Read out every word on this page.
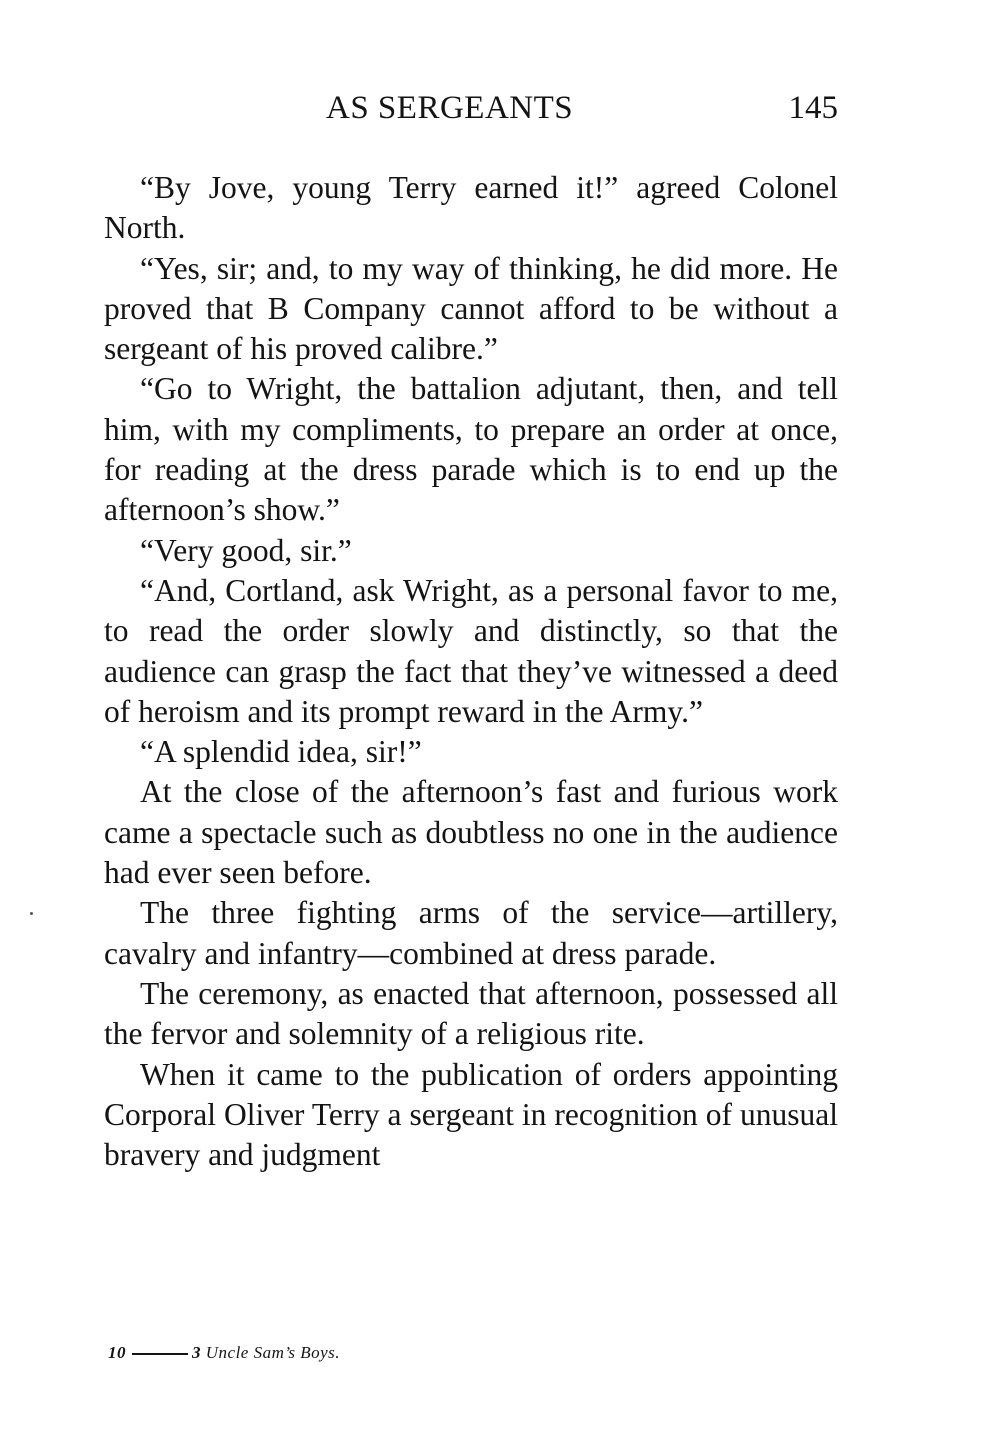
AS SERGEANTS	145

“By Jove, young Terry earned it!” agreed Colonel North.

“Yes, sir; and, to my way of thinking, he did more. He proved that B Company cannot afford to be without a sergeant of his proved calibre.”

“Go to Wright, the battalion adjutant, then, and tell him, with my compliments, to prepare an order at once, for reading at the dress parade which is to end up the afternoon’s show.”

“Very good, sir.”

“And, Cortland, ask Wright, as a personal favor to me, to read the order slowly and distinctly, so that the audience can grasp the fact that they’ve witnessed a deed of heroism and its prompt reward in the Army.”

“A splendid idea, sir!”

At the close of the afternoon’s fast and furious work came a spectacle such as doubtless no one in the audience had ever seen before.

The three fighting arms of the service—artillery, cavalry and infantry—combined at dress parade.

The ceremony, as enacted that afternoon, possessed all the fervor and solemnity of a religious rite.

When it came to the publication of orders appointing Corporal Oliver Terry a sergeant in recognition of unusual bravery and judgment

10	3 Uncle Sam’s Boys.
